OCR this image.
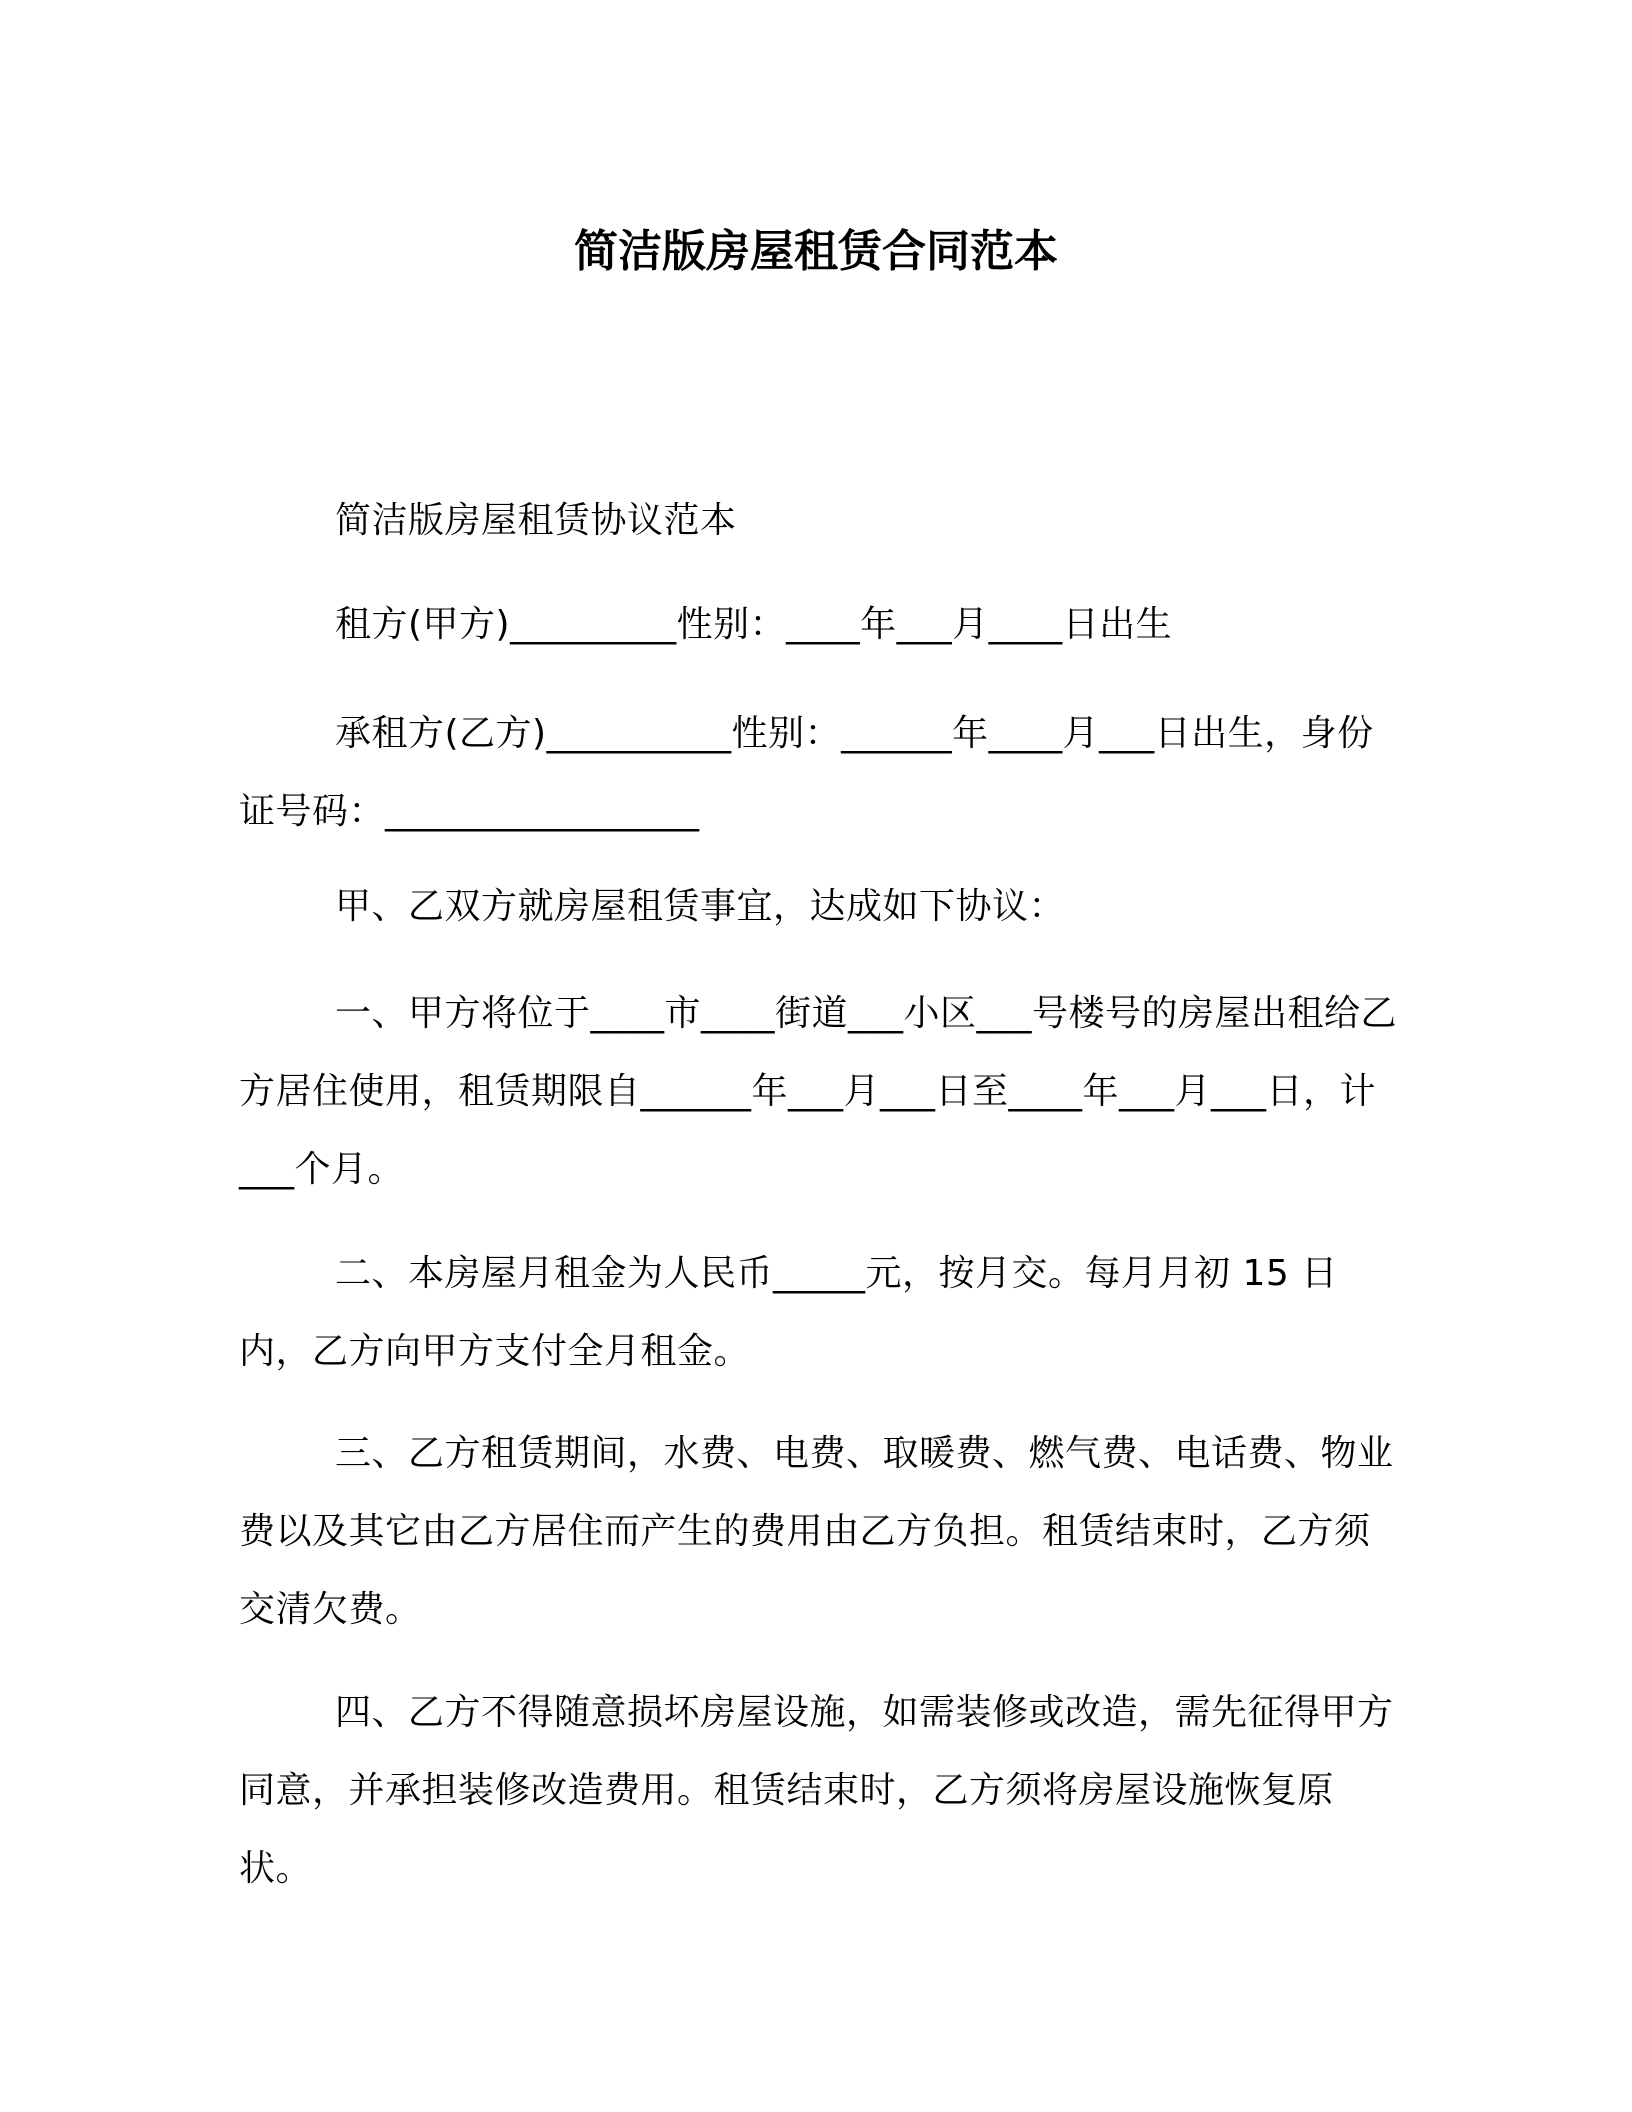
简洁版房屋租赁合同范本

简洁版房屋租赁协议范本

租方(甲方)_________性别：____年___月____日出生

承租方(乙方)__________性别：______年____月___日出生，身份证号码：_________________

甲、乙双方就房屋租赁事宜，达成如下协议：

一、甲方将位于____市____街道___小区___号楼号的房屋出租给乙方居住使用，租赁期限自______年___月___日至____年___月___日，计___个月。

二、本房屋月租金为人民币_____元，按月交。每月月初 15 日内，乙方向甲方支付全月租金。

三、乙方租赁期间，水费、电费、取暖费、燃气费、电话费、物业费以及其它由乙方居住而产生的费用由乙方负担。租赁结束时，乙方须交清欠费。

四、乙方不得随意损坏房屋设施，如需装修或改造，需先征得甲方同意，并承担装修改造费用。租赁结束时，乙方须将房屋设施恢复原状。
